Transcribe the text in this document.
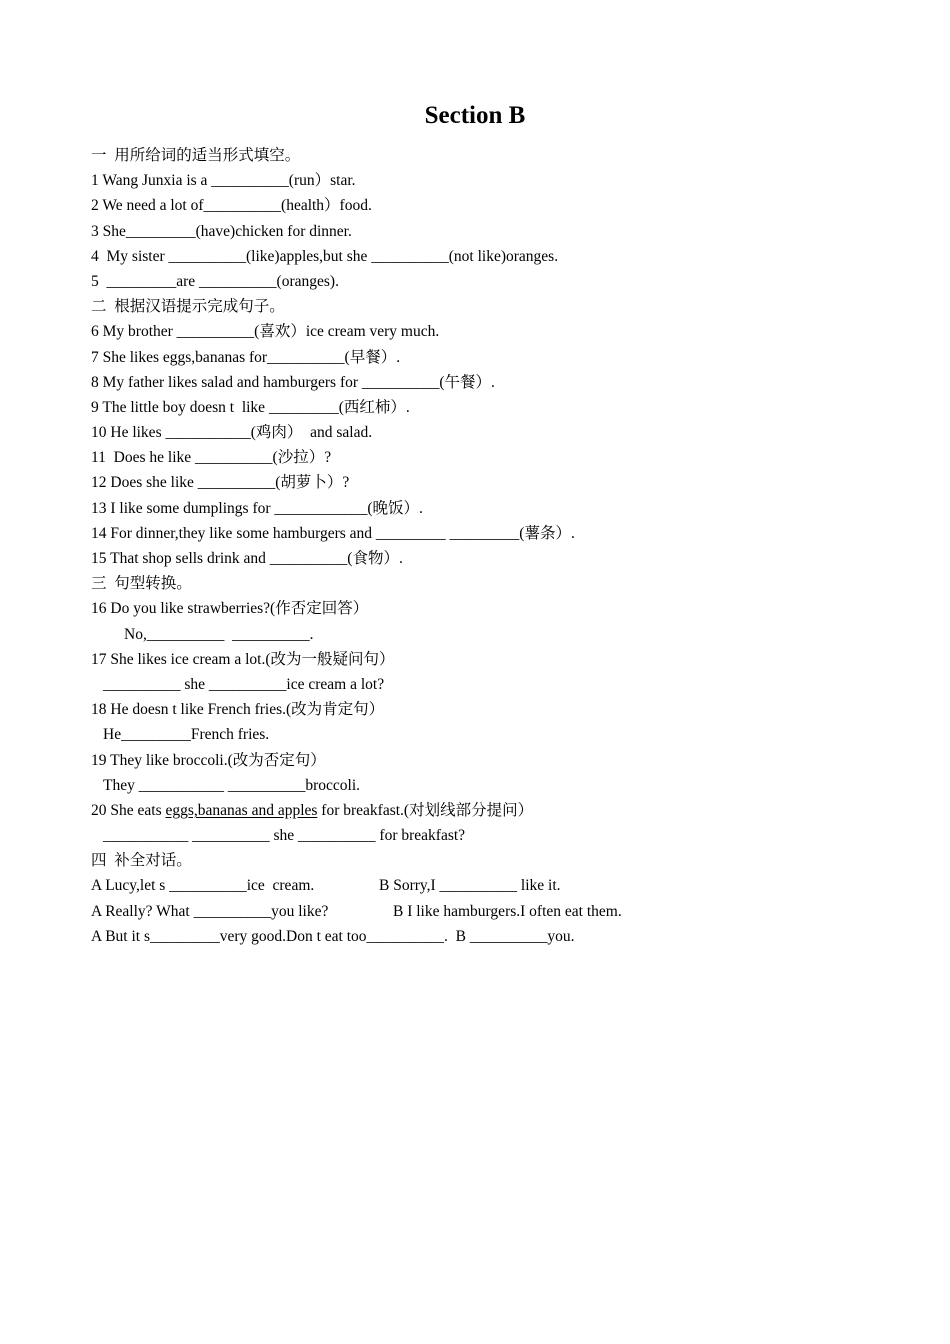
Section B
一  用所给词的适当形式填空。
1 Wang Junxia is a __________(run）star.
2 We need a lot of__________(health）food.
3 She_________(have)chicken for dinner.
4  My sister __________(like)apples,but she __________(not like)oranges.
5  _________are __________(oranges).
二  根据汉语提示完成句子。
6 My brother __________(喜欢）ice cream very much.
7 She likes eggs,bananas for__________(早餐）.
8 My father likes salad and hamburgers for __________(午餐）.
9 The little boy doesn t  like _________(西红柿）.
10 He likes ___________(鸡肉）  and salad.
11  Does he like __________(沙拉）?
12 Does she like __________(胡萝卜）?
13 I like some dumplings for ____________(晚饭）.
14 For dinner,they like some hamburgers and _________ _________(薯条）.
15 That shop sells drink and __________(食物）.
三  句型转换。
16 Do you like strawberries?(作否定回答）
No,__________  __________.
17 She likes ice cream a lot.(改为一般疑问句）
__________ she __________ice cream a lot?
18 He doesn t like French fries.(改为肯定句）
He_________French fries.
19 They like broccoli.(改为否定句）
They ___________ __________broccoli.
20 She eats eggs,bananas and apples for breakfast.(对划线部分提问）
___________ __________ she __________ for breakfast?
四  补全对话。
A Lucy,let s __________ice  cream.	B Sorry,I __________ like it.
A Really? What __________you like?	B I like hamburgers.I often eat them.
A But it s_________very good.Don t eat too__________.  B __________you.
